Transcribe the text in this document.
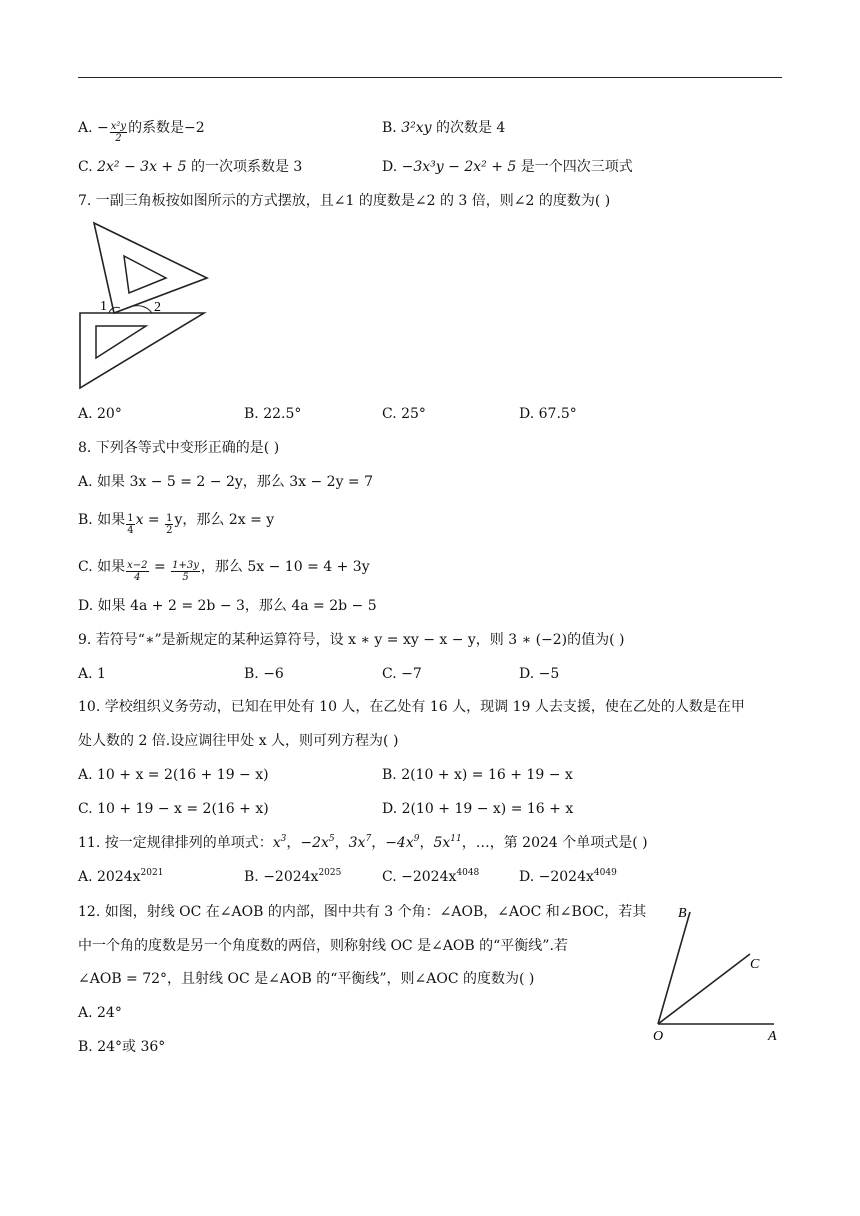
A. − $\frac{\text{x²y}}{2}$ 的系数是−2	B. 3²xy 的次数是 4
C. 2x² − 3x + 5 的一次项系数是 3	D. −3x³y − 2x² + 5 是一个四次三项式
7. 一副三角板按如图所示的方式摆放，且∠1 的度数是∠2 的 3 倍，则∠2 的度数为( )
1	2
A. 20°	B. 22.5°	C. 25°	D. 67.5°
8. 下列各等式中变形正确的是( )
A. 如果 3x − 5 = 2 − 2y，那么 3x − 2y = 7
B. 如果 $\frac{1}{4}$ $x = \frac{1}{2}$ y，那么 2x = y
C. 如果 $\frac{x-2}{4} = \frac{1+3y}{5}$ ，那么 5x − 10 = 4 + 3y
D. 如果 4a + 2 = 2b − 3，那么 4a = 2b − 5
9. 若符号“∗”是新规定的某种运算符号，设 x ∗ y = xy − x − y，则 3 ∗ (−2)的值为( )
A. 1	B. −6	C. −7	D. −5
10. 学校组织义务劳动，已知在甲处有 10 人，在乙处有 16 人，现调 19 人去支援，使在乙处的人数是在甲
处人数的 2 倍.设应调往甲处 x 人，则可列方程为( )
A. 10 + x = 2(16 + 19 − x)	B. 2(10 + x) = 16 + 19 − x
C. 10 + 19 − x = 2(16 + x)	D. 2(10 + 19 − x) = 16 + x
11. 按一定规律排列的单项式：$x^3$，$-2x^5$，$3x^7$，$-4x^9$，$5x^{11}$，…，第 2024 个单项式是( )
A. $2024x^{2021}$	B. $-2024x^{2025}$	C. $-2024x^{4048}$	D. $-2024x^{4049}$
12. 如图，射线 OC 在∠AOB 的内部，图中共有 3 个角：∠AOB，∠AOC 和∠BOC，若其
中一个角的度数是另一个角度数的两倍，则称射线 OC 是∠AOB 的“平衡线”.若
∠AOB = 72°，且射线 OC 是∠AOB 的“平衡线”，则∠AOC 的度数为( )
A. 24°
B. 24°或 36°
B
C
O	A
